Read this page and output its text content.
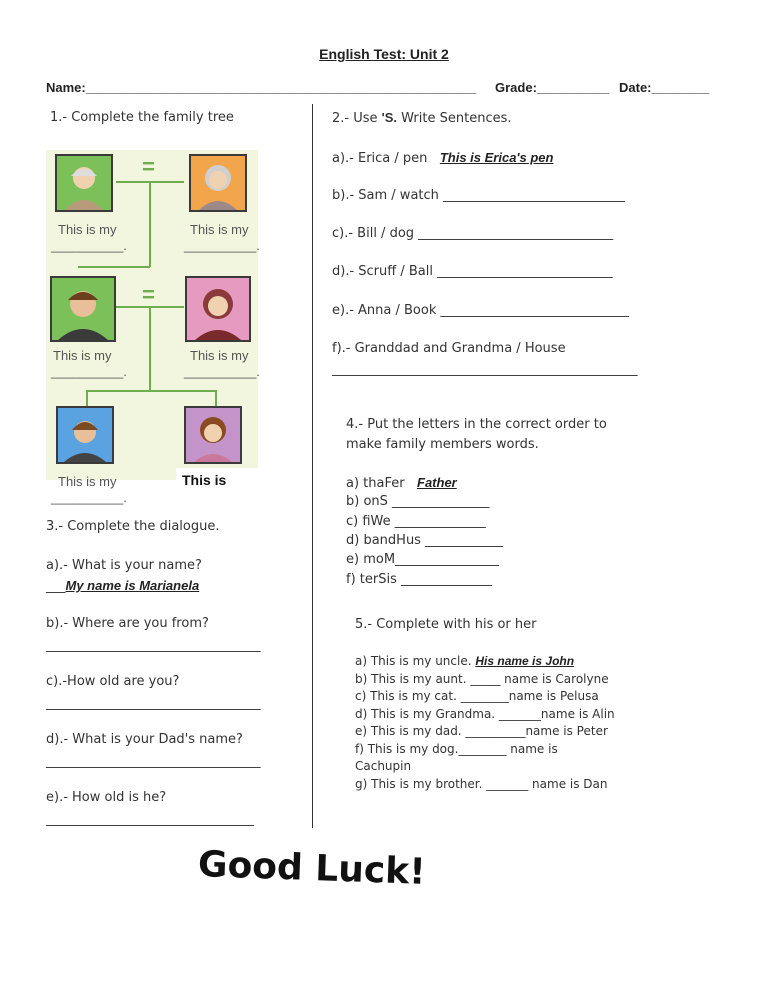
English Test: Unit 2
Name:______________________________________________________ Grade:__________ Date:________
1.- Complete the family tree
=
=
This is my	This is my
__________.	__________.
This is my	This is my
__________.	__________.
This is my	This is
__________.
3.- Complete the dialogue.
a).- What is your name?
___My name is Marianela
b).- Where are you from?
_________________________________
c).-How old are you?
_________________________________
d).- What is your Dad's name?
_________________________________
e).- How old is he?
________________________________
2.- Use 'S. Write Sentences.
a).- Erica / pen This is Erica's pen
b).- Sam / watch ____________________________
c).- Bill / dog ______________________________
d).- Scruff / Ball ___________________________
e).- Anna / Book _____________________________
f).- Granddad and Grandma / House
_______________________________________________
4.- Put the letters in the correct order to
make family members words.
a) thaFer Father
b) onS _______________
c) fiWe ______________
d) bandHus ____________
e) moM________________
f) terSis ______________
5.- Complete with his or her
a) This is my uncle. His name is John
b) This is my aunt. _____ name is Carolyne
c) This is my cat. ________name is Pelusa
d) This is my Grandma. _______name is Alin
e) This is my dad. __________name is Peter
f) This is my dog.________ name is
Cachupin
g) This is my brother. _______ name is Dan
Good Luck!
